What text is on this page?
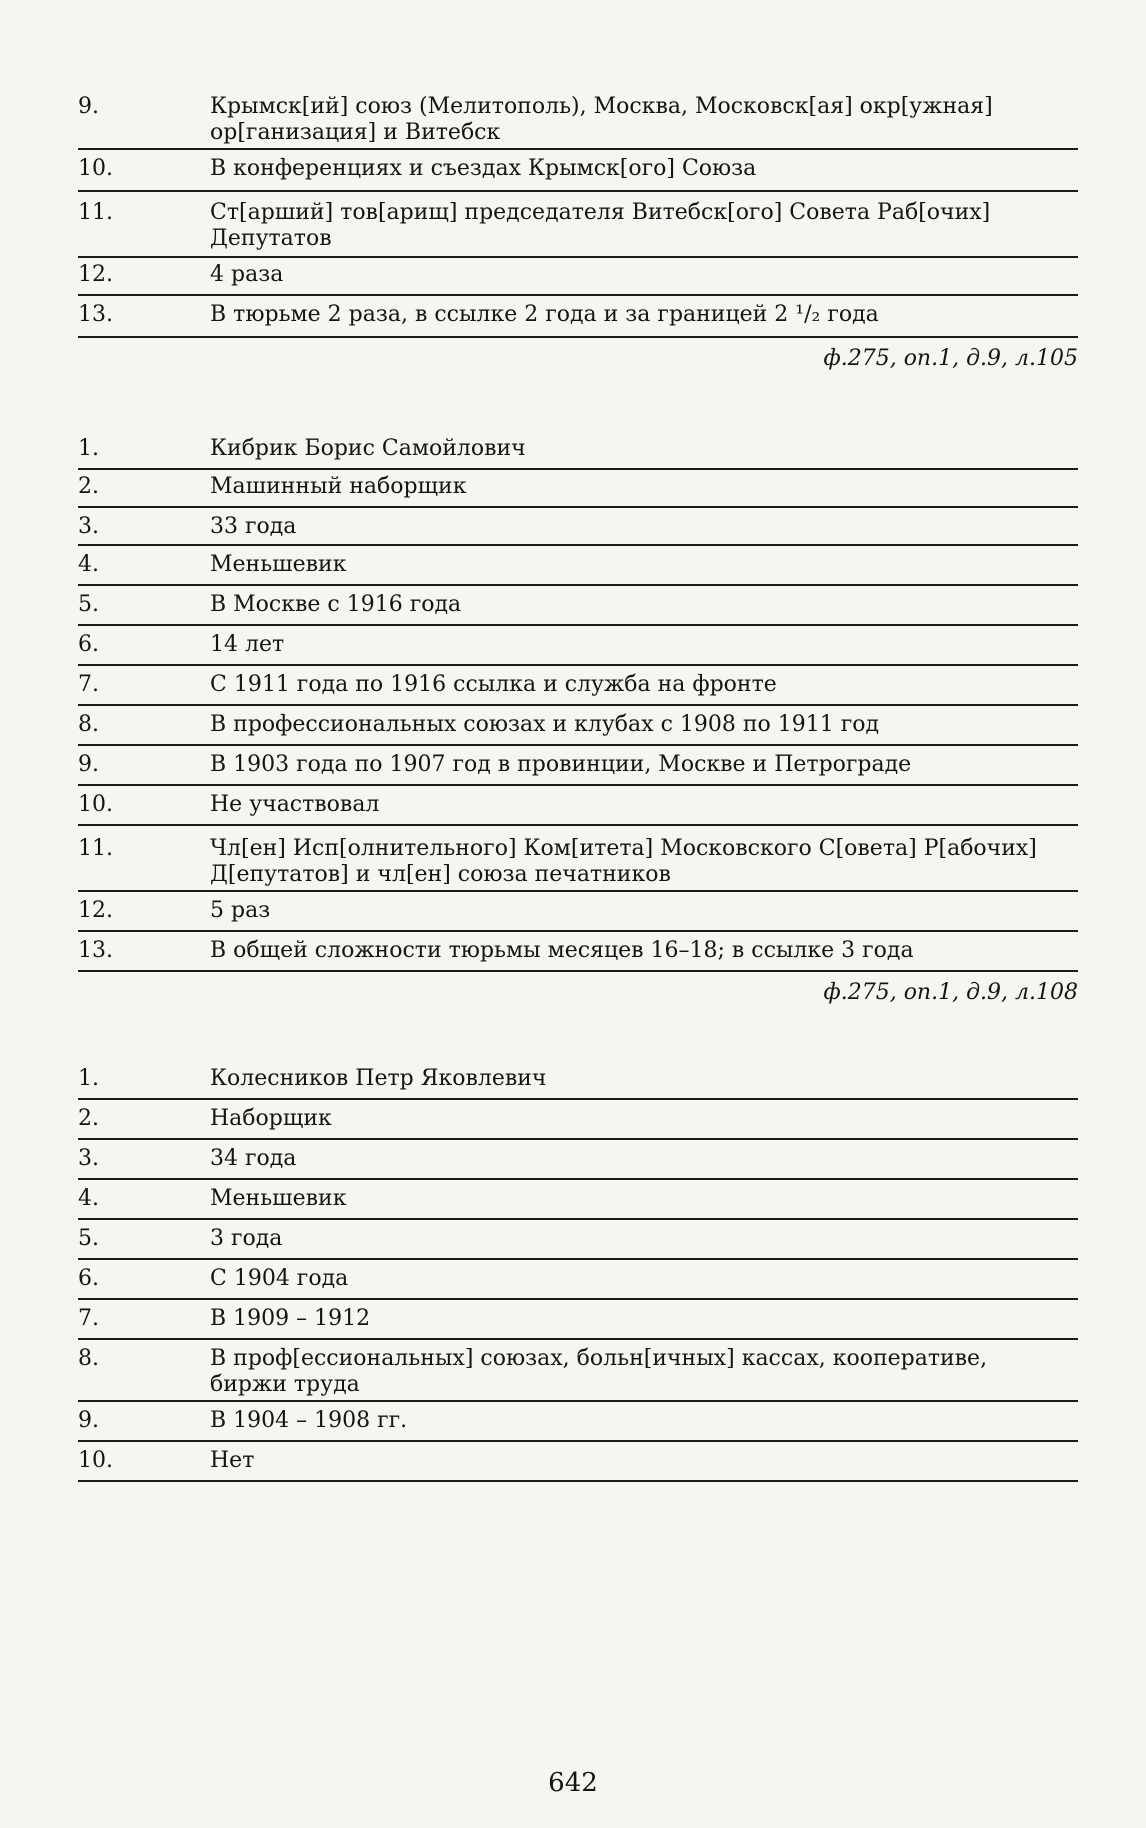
9.	Крымск[ий] союз (Мелитополь), Москва, Московск[ая] окр[ужная] ор[ганизация] и Витебск
10.	В конференциях и съездах Крымск[ого] Союза
11.	Ст[арший] тов[арищ] председателя Витебск[ого] Совета Раб[очих] Депутатов
12.	4 раза
13.	В тюрьме 2 раза, в ссылке 2 года и за границей 2 ¹/₂ года
ф.275, оп.1, д.9, л.105
1.	Кибрик Борис Самойлович
2.	Машинный наборщик
3.	33 года
4.	Меньшевик
5.	В Москве с 1916 года
6.	14 лет
7.	С 1911 года по 1916 ссылка и служба на фронте
8.	В профессиональных союзах и клубах с 1908 по 1911 год
9.	В 1903 года по 1907 год в провинции, Москве и Петрограде
10.	Не участвовал
11.	Чл[ен] Исп[олнительного] Ком[итета] Московского С[овета] Р[абочих] Д[епутатов] и чл[ен] союза печатников
12.	5 раз
13.	В общей сложности тюрьмы месяцев 16–18; в ссылке 3 года
ф.275, оп.1, д.9, л.108
1.	Колесников Петр Яковлевич
2.	Наборщик
3.	34 года
4.	Меньшевик
5.	3 года
6.	С 1904 года
7.	В 1909 – 1912
8.	В проф[ессиональных] союзах, больн[ичных] кассах, кооперативе, биржи труда
9.	В 1904 – 1908 гг.
10.	Нет
642
